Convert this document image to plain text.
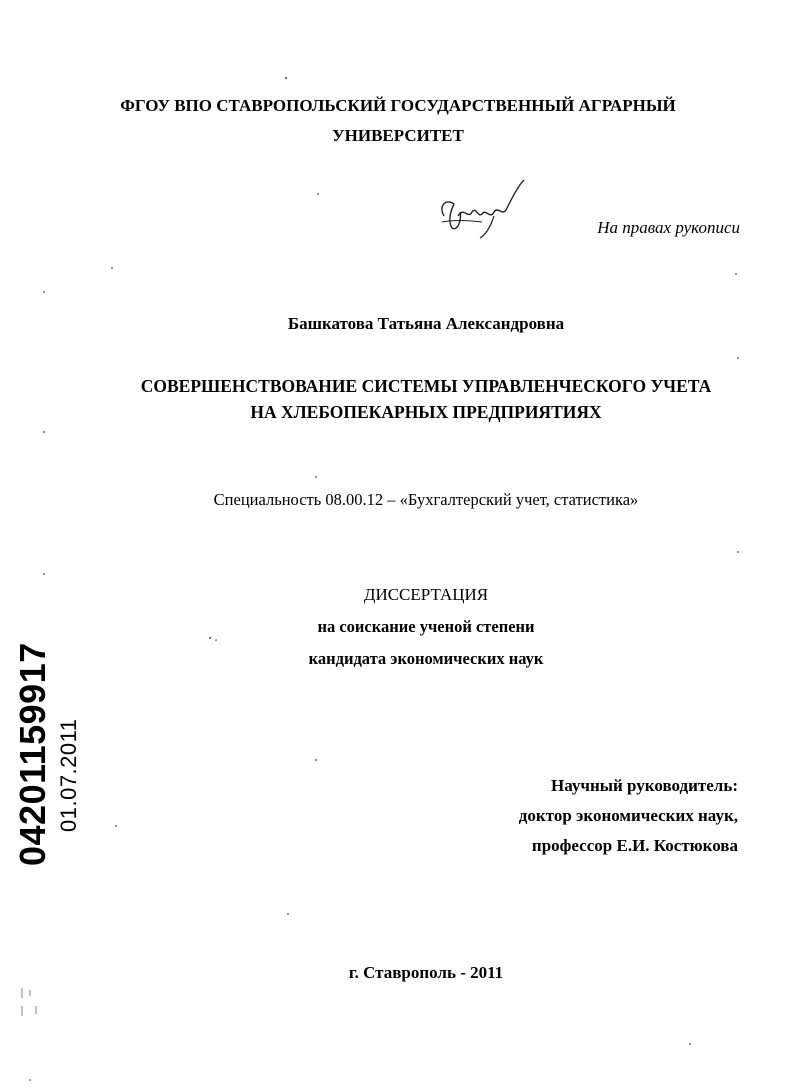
ФГОУ ВПО СТАВРОПОЛЬСКИЙ ГОСУДАРСТВЕННЫЙ АГРАРНЫЙ
УНИВЕРСИТЕТ
На правах рукописи
Башкатова Татьяна Александровна
СОВЕРШЕНСТВОВАНИЕ СИСТЕМЫ УПРАВЛЕНЧЕСКОГО УЧЕТА
НА ХЛЕБОПЕКАРНЫХ ПРЕДПРИЯТИЯХ
Специальность 08.00.12 – «Бухгалтерский учет, статистика»
ДИССЕРТАЦИЯ
на соискание ученой степени
кандидата экономических наук
Научный руководитель:
доктор экономических наук,
профессор Е.И. Костюкова
г. Ставрополь - 2011
04201159917 01.07.2011
